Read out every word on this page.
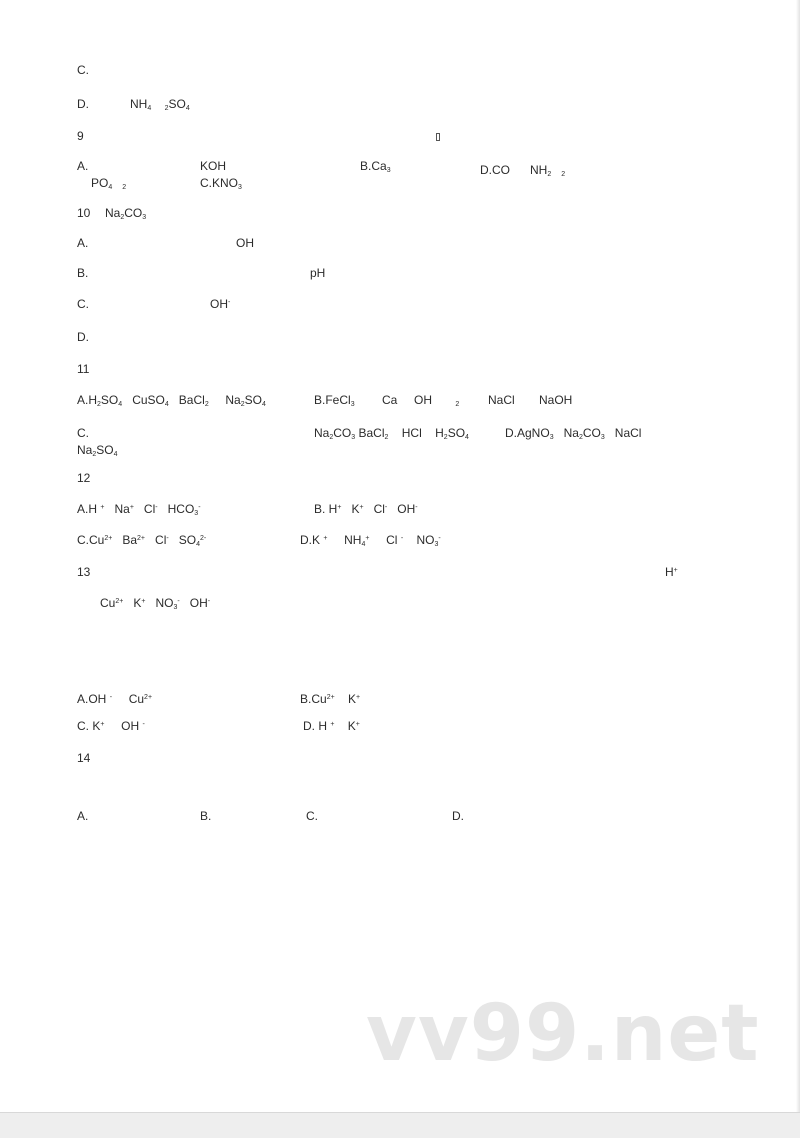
C.

D.	$NH_4$ $_2SO_4$

9

A.	KOH	$B.Ca_3$	D.CO $NH_2$ $_2$

$PO_4$ $_2$	$C.KNO_3$

10 $Na_2CO_3$

A.	OH

B.	pH

C.	OH-

D.

11

$A.H_2SO_4$ CuSO$_4$ BaCl$_2$ $Na_2SO_4$	B.FeCl$_3$ Ca OH	$_2$ NaCl NaOH

C.	$Na_2CO_3$ BaCl$_2$ HCl $H_2SO_4$	D.AgNO$_3$ $Na_2CO_3$ NaCl

$Na_2SO_4$

12

A.H + Na+ Cl- $HCO_3^-$	B. H+ K+ Cl- OH-

$C.Cu^{2+}$ $Ba^{2+}$ Cl- $SO_4^{2-}$	D.K + $NH_4^+$ Cl - $NO_3^-$

13	H+

$Cu^{2+}$ K+ $NO_3^-$ OH-

A.OH - $Cu^{2+}$	$B.Cu^{2+}$ K+

C. K+ OH -	D. H + K+

14

A.	B.	C.	D.

vv99.net
